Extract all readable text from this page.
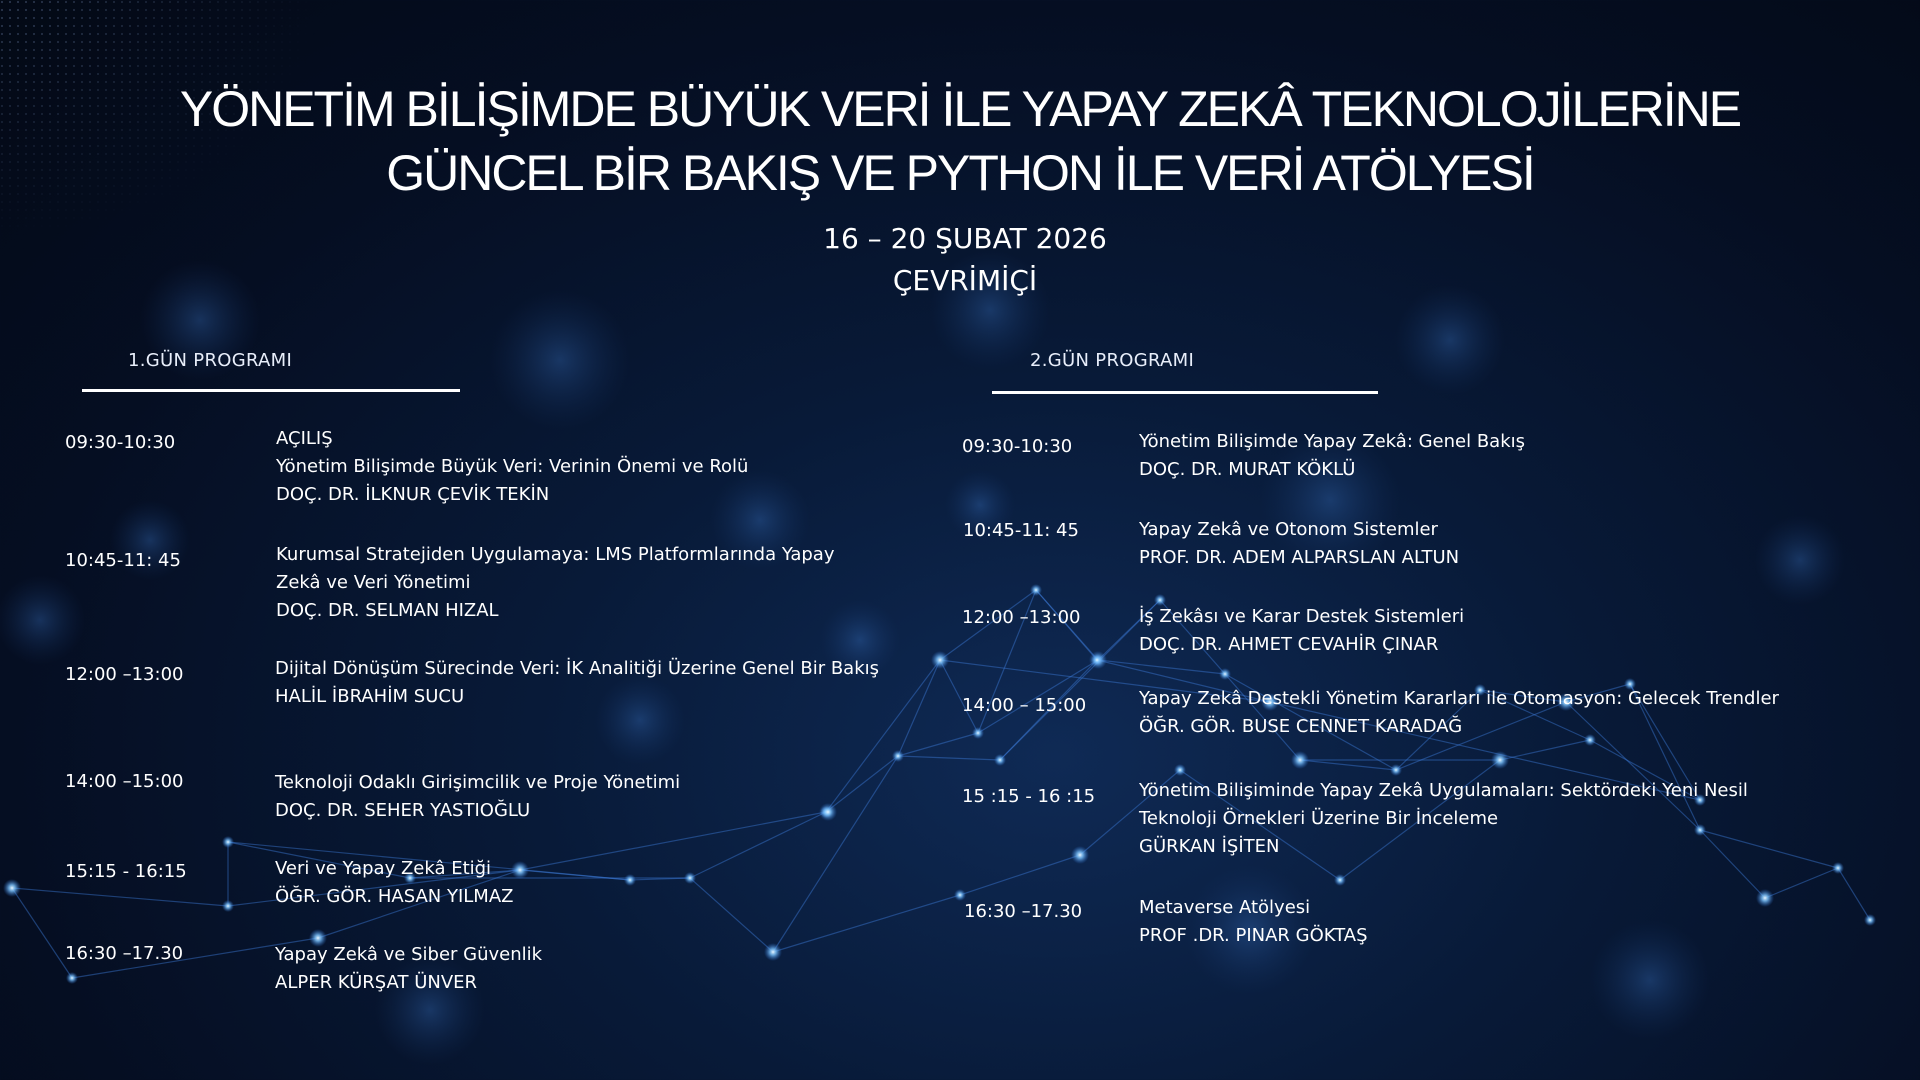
YÖNETİM BİLİŞİMDE BÜYÜK VERİ İLE YAPAY ZEKÂ TEKNOLOJİLERİNE
GÜNCEL BİR BAKIŞ VE PYTHON İLE VERİ ATÖLYESİ
16 – 20 ŞUBAT 2026
ÇEVRİMİÇİ
1.GÜN PROGRAMI	2.GÜN PROGRAMI
09:30-10:30	AÇILIŞ
Yönetim Bilişimde Büyük Veri: Verinin Önemi ve Rolü
DOÇ. DR. İLKNUR ÇEVİK TEKİN
10:45-11: 45	Kurumsal Stratejiden Uygulamaya: LMS Platformlarında Yapay
Zekâ ve Veri Yönetimi
DOÇ. DR. SELMAN HIZAL
12:00 –13:00	Dijital Dönüşüm Sürecinde Veri: İK Analitiği Üzerine Genel Bir Bakış
HALİL İBRAHİM SUCU
14:00 –15:00	Teknoloji Odaklı Girişimcilik ve Proje Yönetimi
DOÇ. DR. SEHER YASTIOĞLU
15:15 - 16:15	Veri ve Yapay Zekâ Etiği
ÖĞR. GÖR. HASAN YILMAZ
16:30 –17.30	Yapay Zekâ ve Siber Güvenlik
ALPER KÜRŞAT ÜNVER
09:30-10:30	Yönetim Bilişimde Yapay Zekâ: Genel Bakış
DOÇ. DR. MURAT KÖKLÜ
10:45-11: 45	Yapay Zekâ ve Otonom Sistemler
PROF. DR. ADEM ALPARSLAN ALTUN
12:00 –13:00	İş Zekâsı ve Karar Destek Sistemleri
DOÇ. DR. AHMET CEVAHİR ÇINAR
14:00 – 15:00	Yapay Zekâ Destekli Yönetim Kararları ile Otomasyon: Gelecek Trendler
ÖĞR. GÖR. BUSE CENNET KARADAĞ
15 :15 - 16 :15 Yönetim Bilişiminde Yapay Zekâ Uygulamaları: Sektördeki Yeni Nesil
Teknoloji Örnekleri Üzerine Bir İnceleme
GÜRKAN İŞİTEN
16:30 –17.30	Metaverse Atölyesi
PROF .DR. PINAR GÖKTAŞ
